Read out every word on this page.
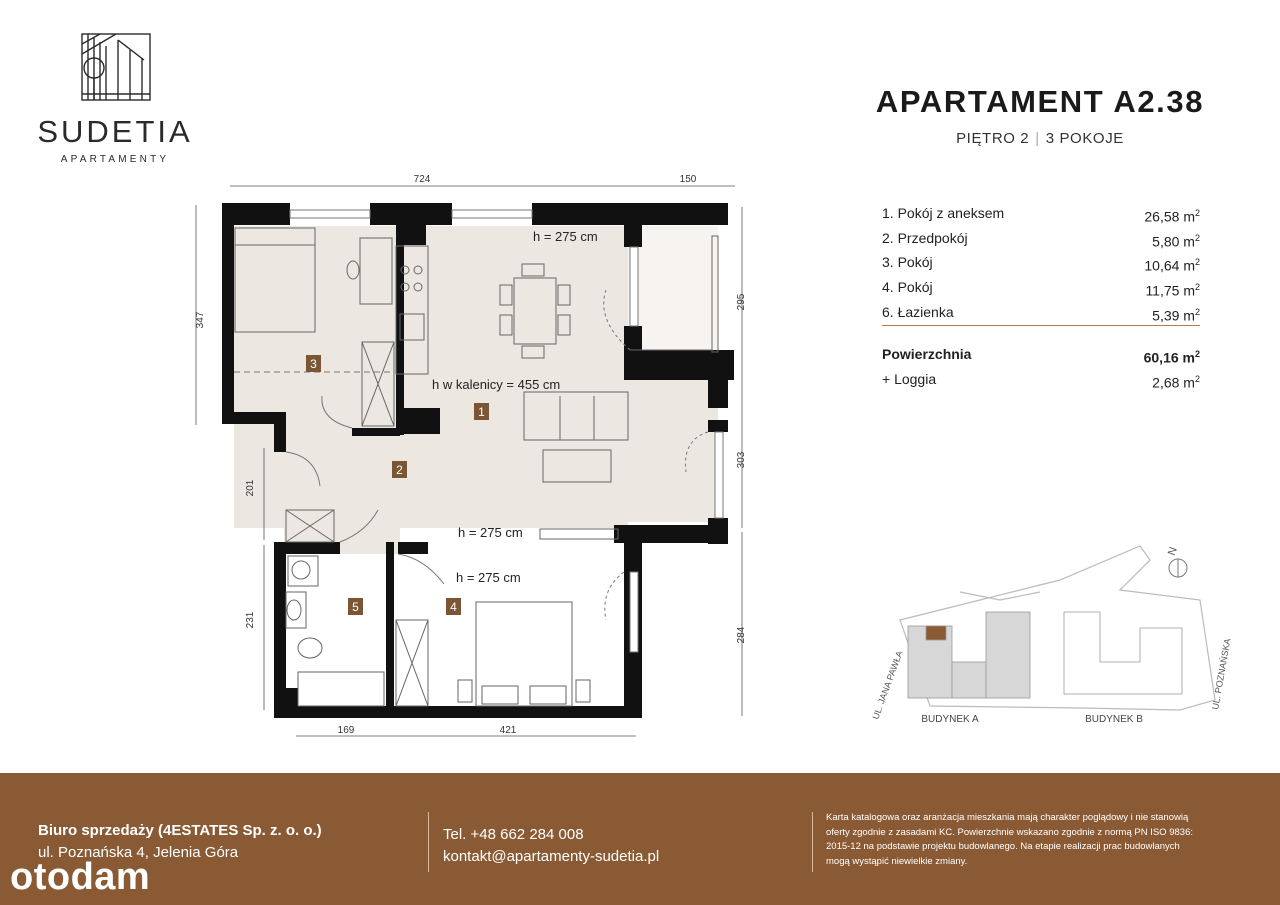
SUDETIA
APARTAMENTY
APARTAMENT A2.38
PIĘTRO 2 | 3 POKOJE
1. Pokój z aneksem	26,58 $m^2$
2. Przedpokój	5,80 $m^2$
3. Pokój	10,64 $m^2$
4. Pokój	11,75 $m^2$
6. Łazienka	5,39 $m^2$
Powierzchnia	60,16 $m^2$
+ Loggia	2,68 $m^2$
724	150
347
201
231
295
303
284
169	421
h = 275 cm
h w kalenicy = 455 cm
h = 275 cm
h = 275 cm
1
2
3
4
5
N
UL. JANA PAWŁA	UL. POZNAŃSKA
BUDYNEK A	BUDYNEK B
Biuro sprzedaży (4ESTATES Sp. z. o. o.)
ul. Poznańska 4, Jelenia Góra
Tel. +48 662 284 008
kontakt@apartamenty-sudetia.pl
Karta katalogowa oraz aranżacja mieszkania mają charakter poglądowy i nie stanowią oferty zgodnie z zasadami KC. Powierzchnie wskazano zgodnie z normą PN ISO 9836: 2015-12 na podstawie projektu budowlanego. Na etapie realizacji prac budowlanych mogą wystąpić niewielkie zmiany.
otodam
